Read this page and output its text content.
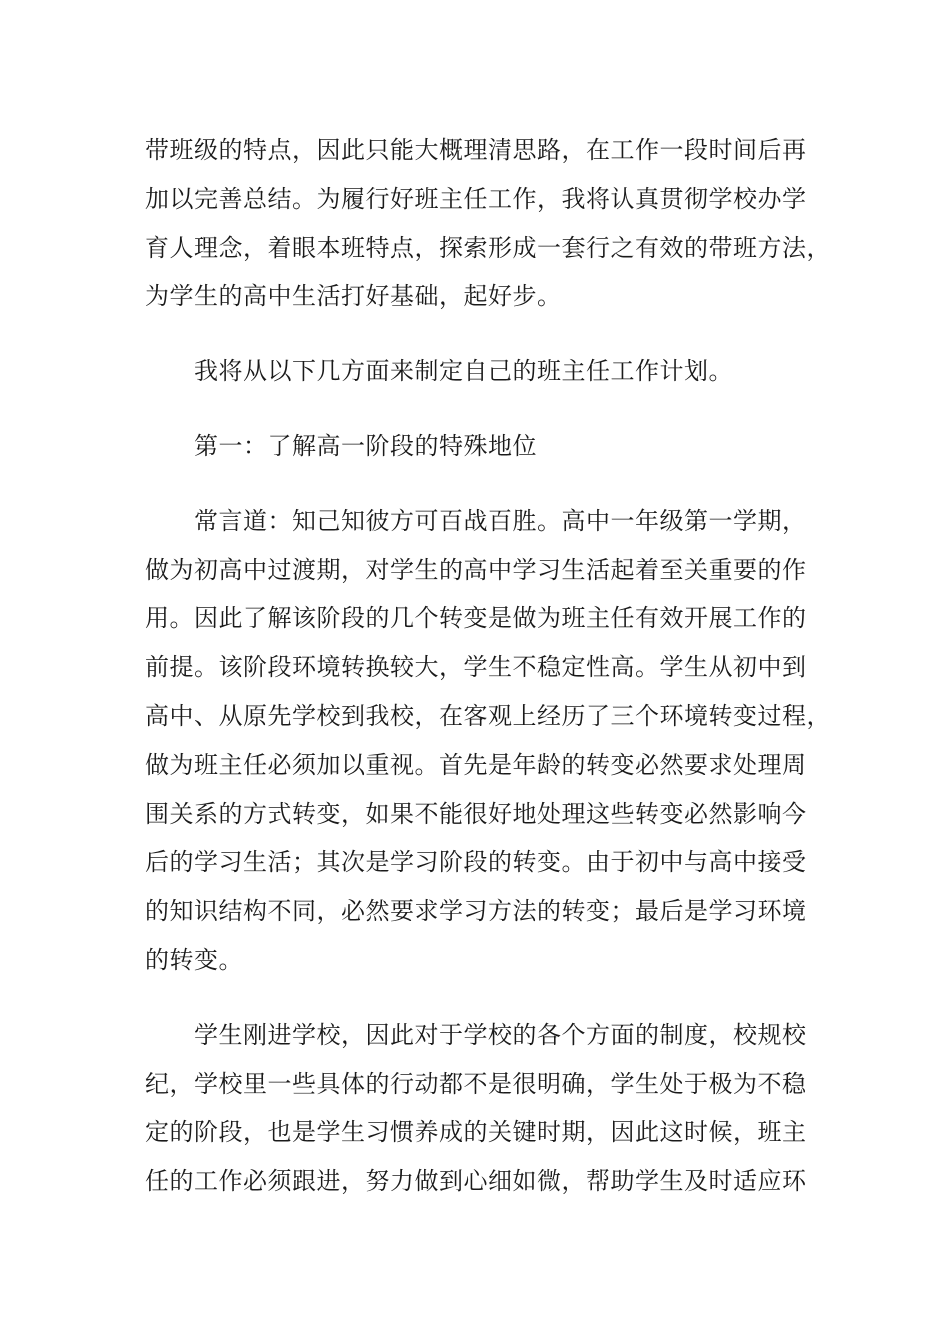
带班级的特点，因此只能大概理清思路，在工作一段时间后再
加以完善总结。为履行好班主任工作，我将认真贯彻学校办学
育人理念，着眼本班特点，探索形成一套行之有效的带班方法，
为学生的高中生活打好基础，起好步。
我将从以下几方面来制定自己的班主任工作计划。
第一：了解高一阶段的特殊地位
常言道：知己知彼方可百战百胜。高中一年级第一学期，
做为初高中过渡期，对学生的高中学习生活起着至关重要的作
用。因此了解该阶段的几个转变是做为班主任有效开展工作的
前提。该阶段环境转换较大，学生不稳定性高。学生从初中到
高中、从原先学校到我校，在客观上经历了三个环境转变过程，
做为班主任必须加以重视。首先是年龄的转变必然要求处理周
围关系的方式转变，如果不能很好地处理这些转变必然影响今
后的学习生活；其次是学习阶段的转变。由于初中与高中接受
的知识结构不同，必然要求学习方法的转变；最后是学习环境
的转变。
学生刚进学校，因此对于学校的各个方面的制度，校规校
纪，学校里一些具体的行动都不是很明确，学生处于极为不稳
定的阶段，也是学生习惯养成的关键时期，因此这时候，班主
任的工作必须跟进，努力做到心细如微，帮助学生及时适应环
